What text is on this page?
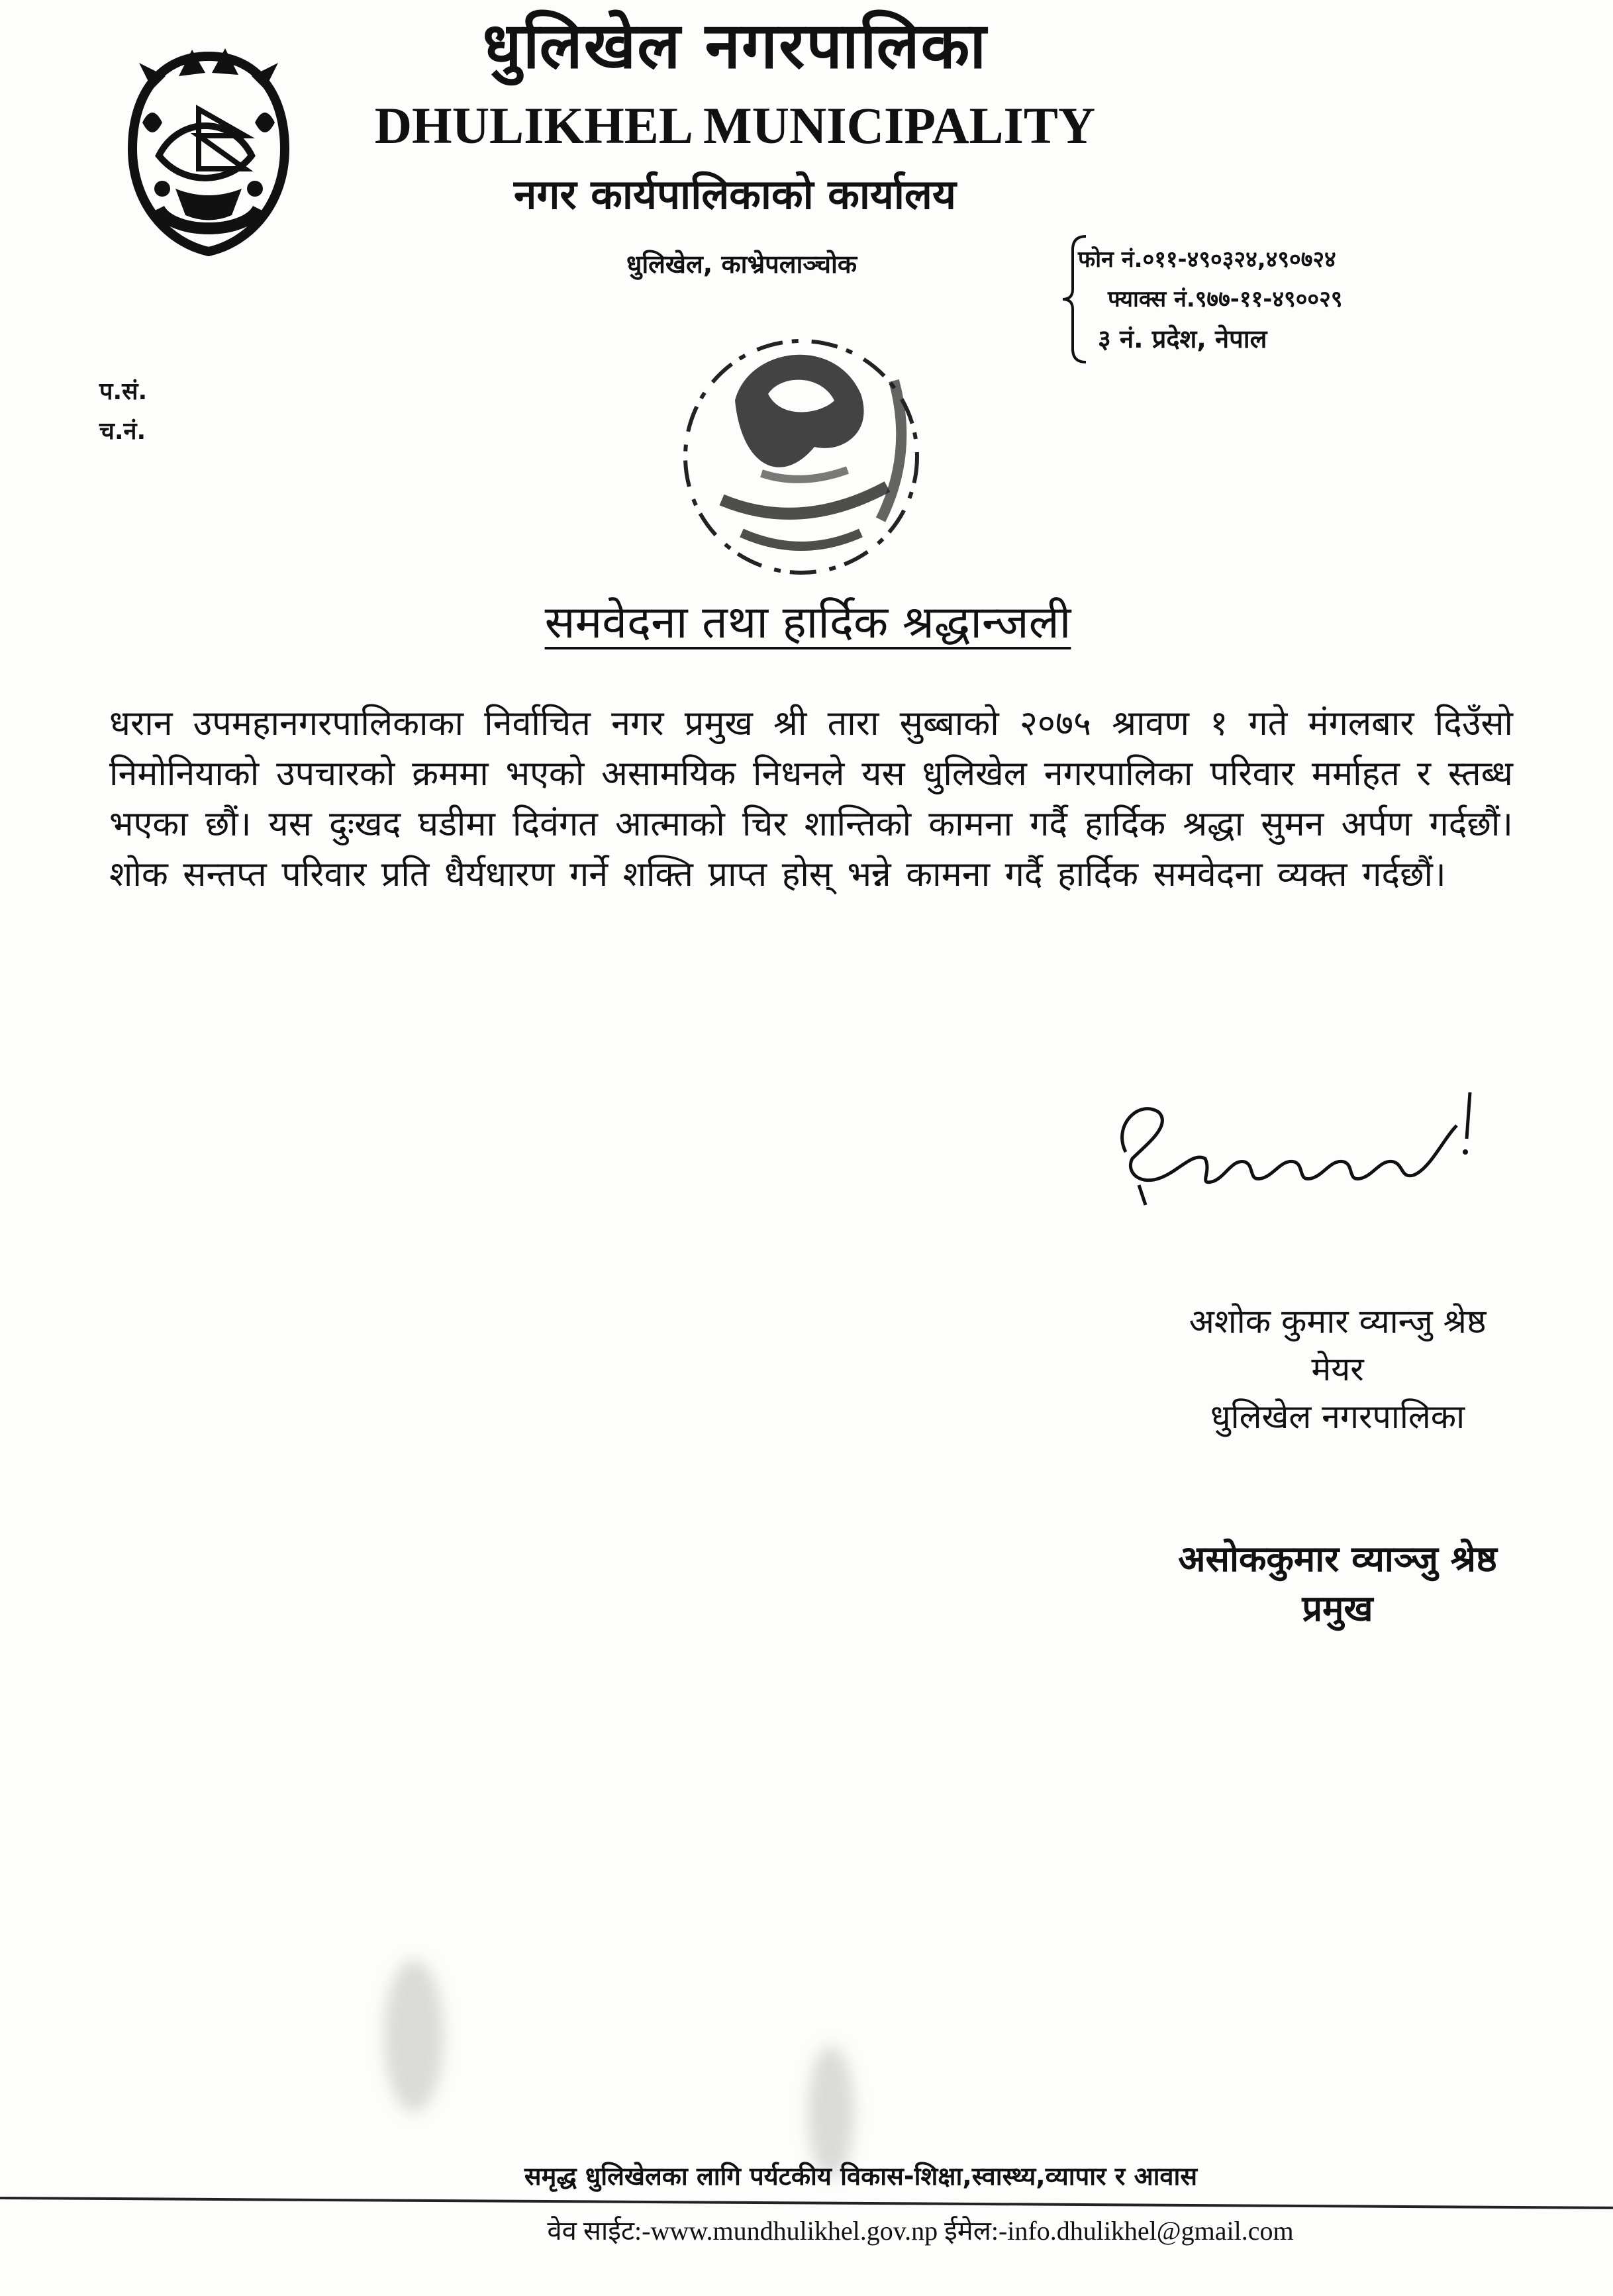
धुलिखेल नगरपालिका
DHULIKHEL MUNICIPALITY
नगर कार्यपालिकाको कार्यालय
धुलिखेल, काभ्रेपलाञ्चोक	फोन नं.०११-४९०३२४,४९०७२४
फ्याक्स नं.९७७-११-४९००२९
३ नं. प्रदेश, नेपाल
प.सं.
च.नं.
समवेदना तथा हार्दिक श्रद्धान्जली
धरान उपमहानगरपालिकाका निर्वाचित नगर प्रमुख श्री तारा सुब्बाको २०७५ श्रावण १ गते मंगलबार दिउँसो निमोनियाको उपचारको क्रममा भएको असामयिक निधनले यस धुलिखेल नगरपालिका परिवार मर्माहत र स्तब्ध भएका छौं। यस दुःखद घडीमा दिवंगत आत्माको चिर शान्तिको कामना गर्दै हार्दिक श्रद्धा सुमन अर्पण गर्दछौं। शोक सन्तप्त परिवार प्रति धैर्यधारण गर्ने शक्ति प्राप्त होस् भन्ने कामना गर्दै हार्दिक समवेदना व्यक्त गर्दछौं।
अशोक कुमार व्यान्जु श्रेष्ठ
मेयर
धुलिखेल नगरपालिका
असोककुमार व्याञ्जु श्रेष्ठ
प्रमुख
समृद्ध धुलिखेलका लागि पर्यटकीय विकास-शिक्षा,स्वास्थ्य,व्यापार र आवास
वेव साईट:-www.mundhulikhel.gov.np ईमेल:-info.dhulikhel@gmail.com
